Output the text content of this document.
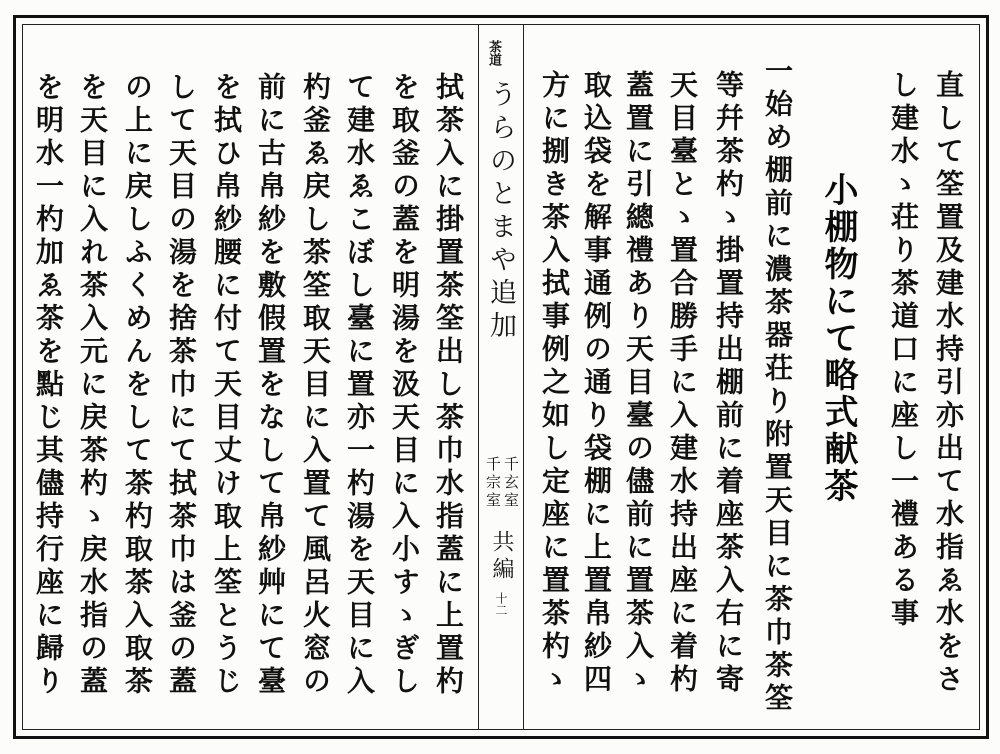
直して筌置及建水持引亦出て水指ゑ水をさ
し建水ゝ荘り茶道口に座し一禮ある事
小棚物にて略式献茶
一始め棚前に濃茶器荘り附置天目に茶巾茶筌
等幷茶杓ゝ掛置持出棚前に着座茶入右に寄
天目臺とゝ置合勝手に入建水持出座に着杓
蓋置に引總禮あり天目臺の儘前に置茶入ゝ
取込袋を解事通例の通り袋棚に上置帛紗四
方に捌き茶入拭事例之如し定座に置茶杓ゝ
茶道
うらのとまや追加
千玄室
千宗室
共編
十二
拭茶入に掛置茶筌出し茶巾水指蓋に上置杓
を取釜の蓋を明湯を汲天目に入小すゝぎし
て建水ゑこぼし臺に置亦一杓湯を天目に入
杓釜ゑ戻し茶筌取天目に入置て風呂火窓の
前に古帛紗を敷假置をなして帛紗艸にて臺
を拭ひ帛紗腰に付て天目丈け取上筌とうじ
して天目の湯を捨茶巾にて拭茶巾は釜の蓋
の上に戻しふくめんをして茶杓取茶入取茶
を天目に入れ茶入元に戻茶杓ゝ戻水指の蓋
を明水一杓加ゑ茶を點じ其儘持行座に歸り
